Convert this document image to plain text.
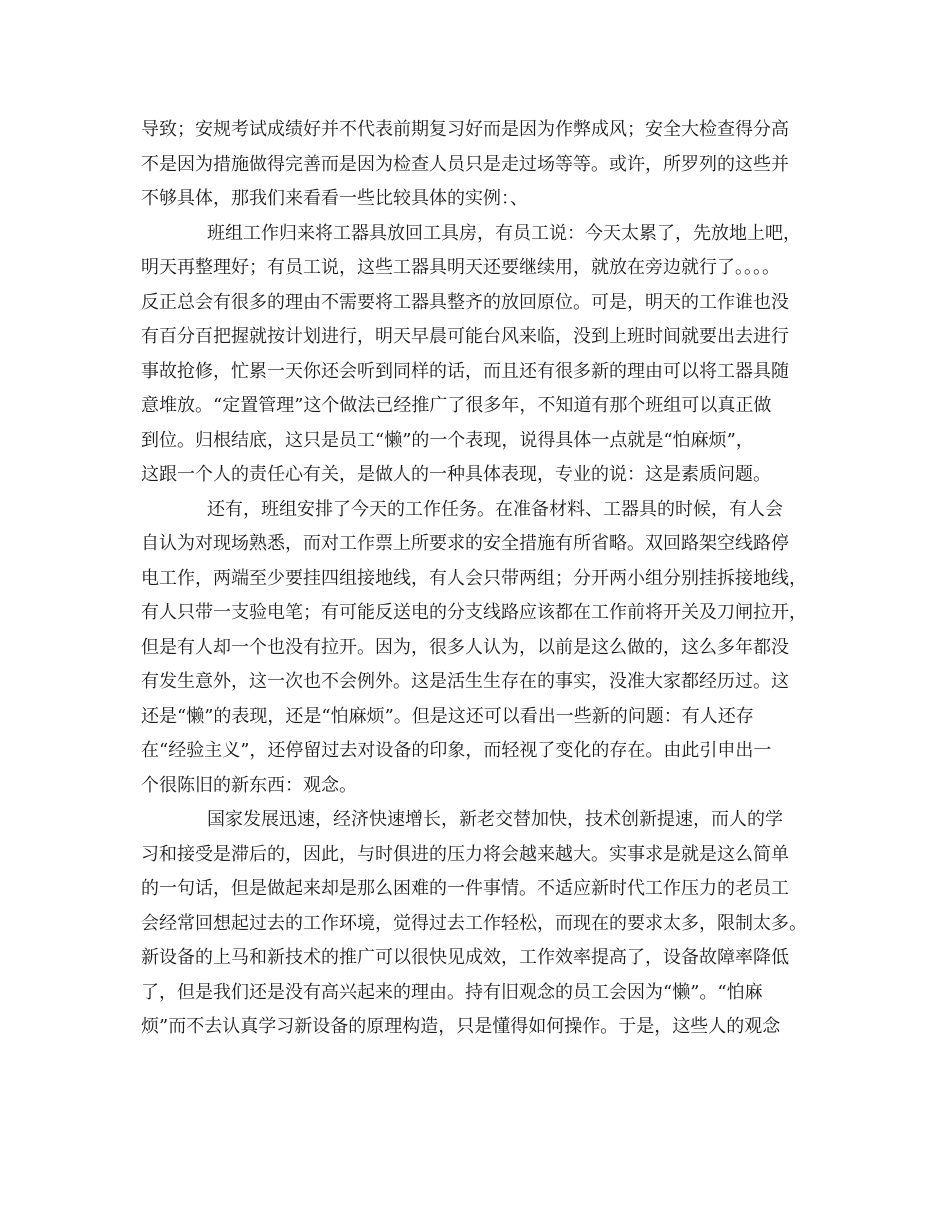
导致；安规考试成绩好并不代表前期复习好而是因为作弊成风；安全大检查得分高
不是因为措施做得完善而是因为检查人员只是走过场等等。或许，所罗列的这些并
不够具体，那我们来看看一些比较具体的实例：、
班组工作归来将工器具放回工具房，有员工说：今天太累了，先放地上吧，
明天再整理好；有员工说，这些工器具明天还要继续用，就放在旁边就行了。。。。
反正总会有很多的理由不需要将工器具整齐的放回原位。可是，明天的工作谁也没
有百分百把握就按计划进行，明天早晨可能台风来临，没到上班时间就要出去进行
事故抢修，忙累一天你还会听到同样的话，而且还有很多新的理由可以将工器具随
意堆放。“定置管理”这个做法已经推广了很多年，不知道有那个班组可以真正做
到位。归根结底，这只是员工“懒”的一个表现，说得具体一点就是“怕麻烦”，
这跟一个人的责任心有关，是做人的一种具体表现，专业的说：这是素质问题。
还有，班组安排了今天的工作任务。在准备材料、工器具的时候，有人会
自认为对现场熟悉，而对工作票上所要求的安全措施有所省略。双回路架空线路停
电工作，两端至少要挂四组接地线，有人会只带两组；分开两小组分别挂拆接地线，
有人只带一支验电笔；有可能反送电的分支线路应该都在工作前将开关及刀闸拉开，
但是有人却一个也没有拉开。因为，很多人认为，以前是这么做的，这么多年都没
有发生意外，这一次也不会例外。这是活生生存在的事实，没准大家都经历过。这
还是“懒”的表现，还是“怕麻烦”。但是这还可以看出一些新的问题：有人还存
在“经验主义”，还停留过去对设备的印象，而轻视了变化的存在。由此引申出一
个很陈旧的新东西：观念。
国家发展迅速，经济快速增长，新老交替加快，技术创新提速，而人的学
习和接受是滞后的，因此，与时俱进的压力将会越来越大。实事求是就是这么简单
的一句话，但是做起来却是那么困难的一件事情。不适应新时代工作压力的老员工
会经常回想起过去的工作环境，觉得过去工作轻松，而现在的要求太多，限制太多。
新设备的上马和新技术的推广可以很快见成效，工作效率提高了，设备故障率降低
了，但是我们还是没有高兴起来的理由。持有旧观念的员工会因为“懒”。“怕麻
烦”而不去认真学习新设备的原理构造，只是懂得如何操作。于是，这些人的观念
